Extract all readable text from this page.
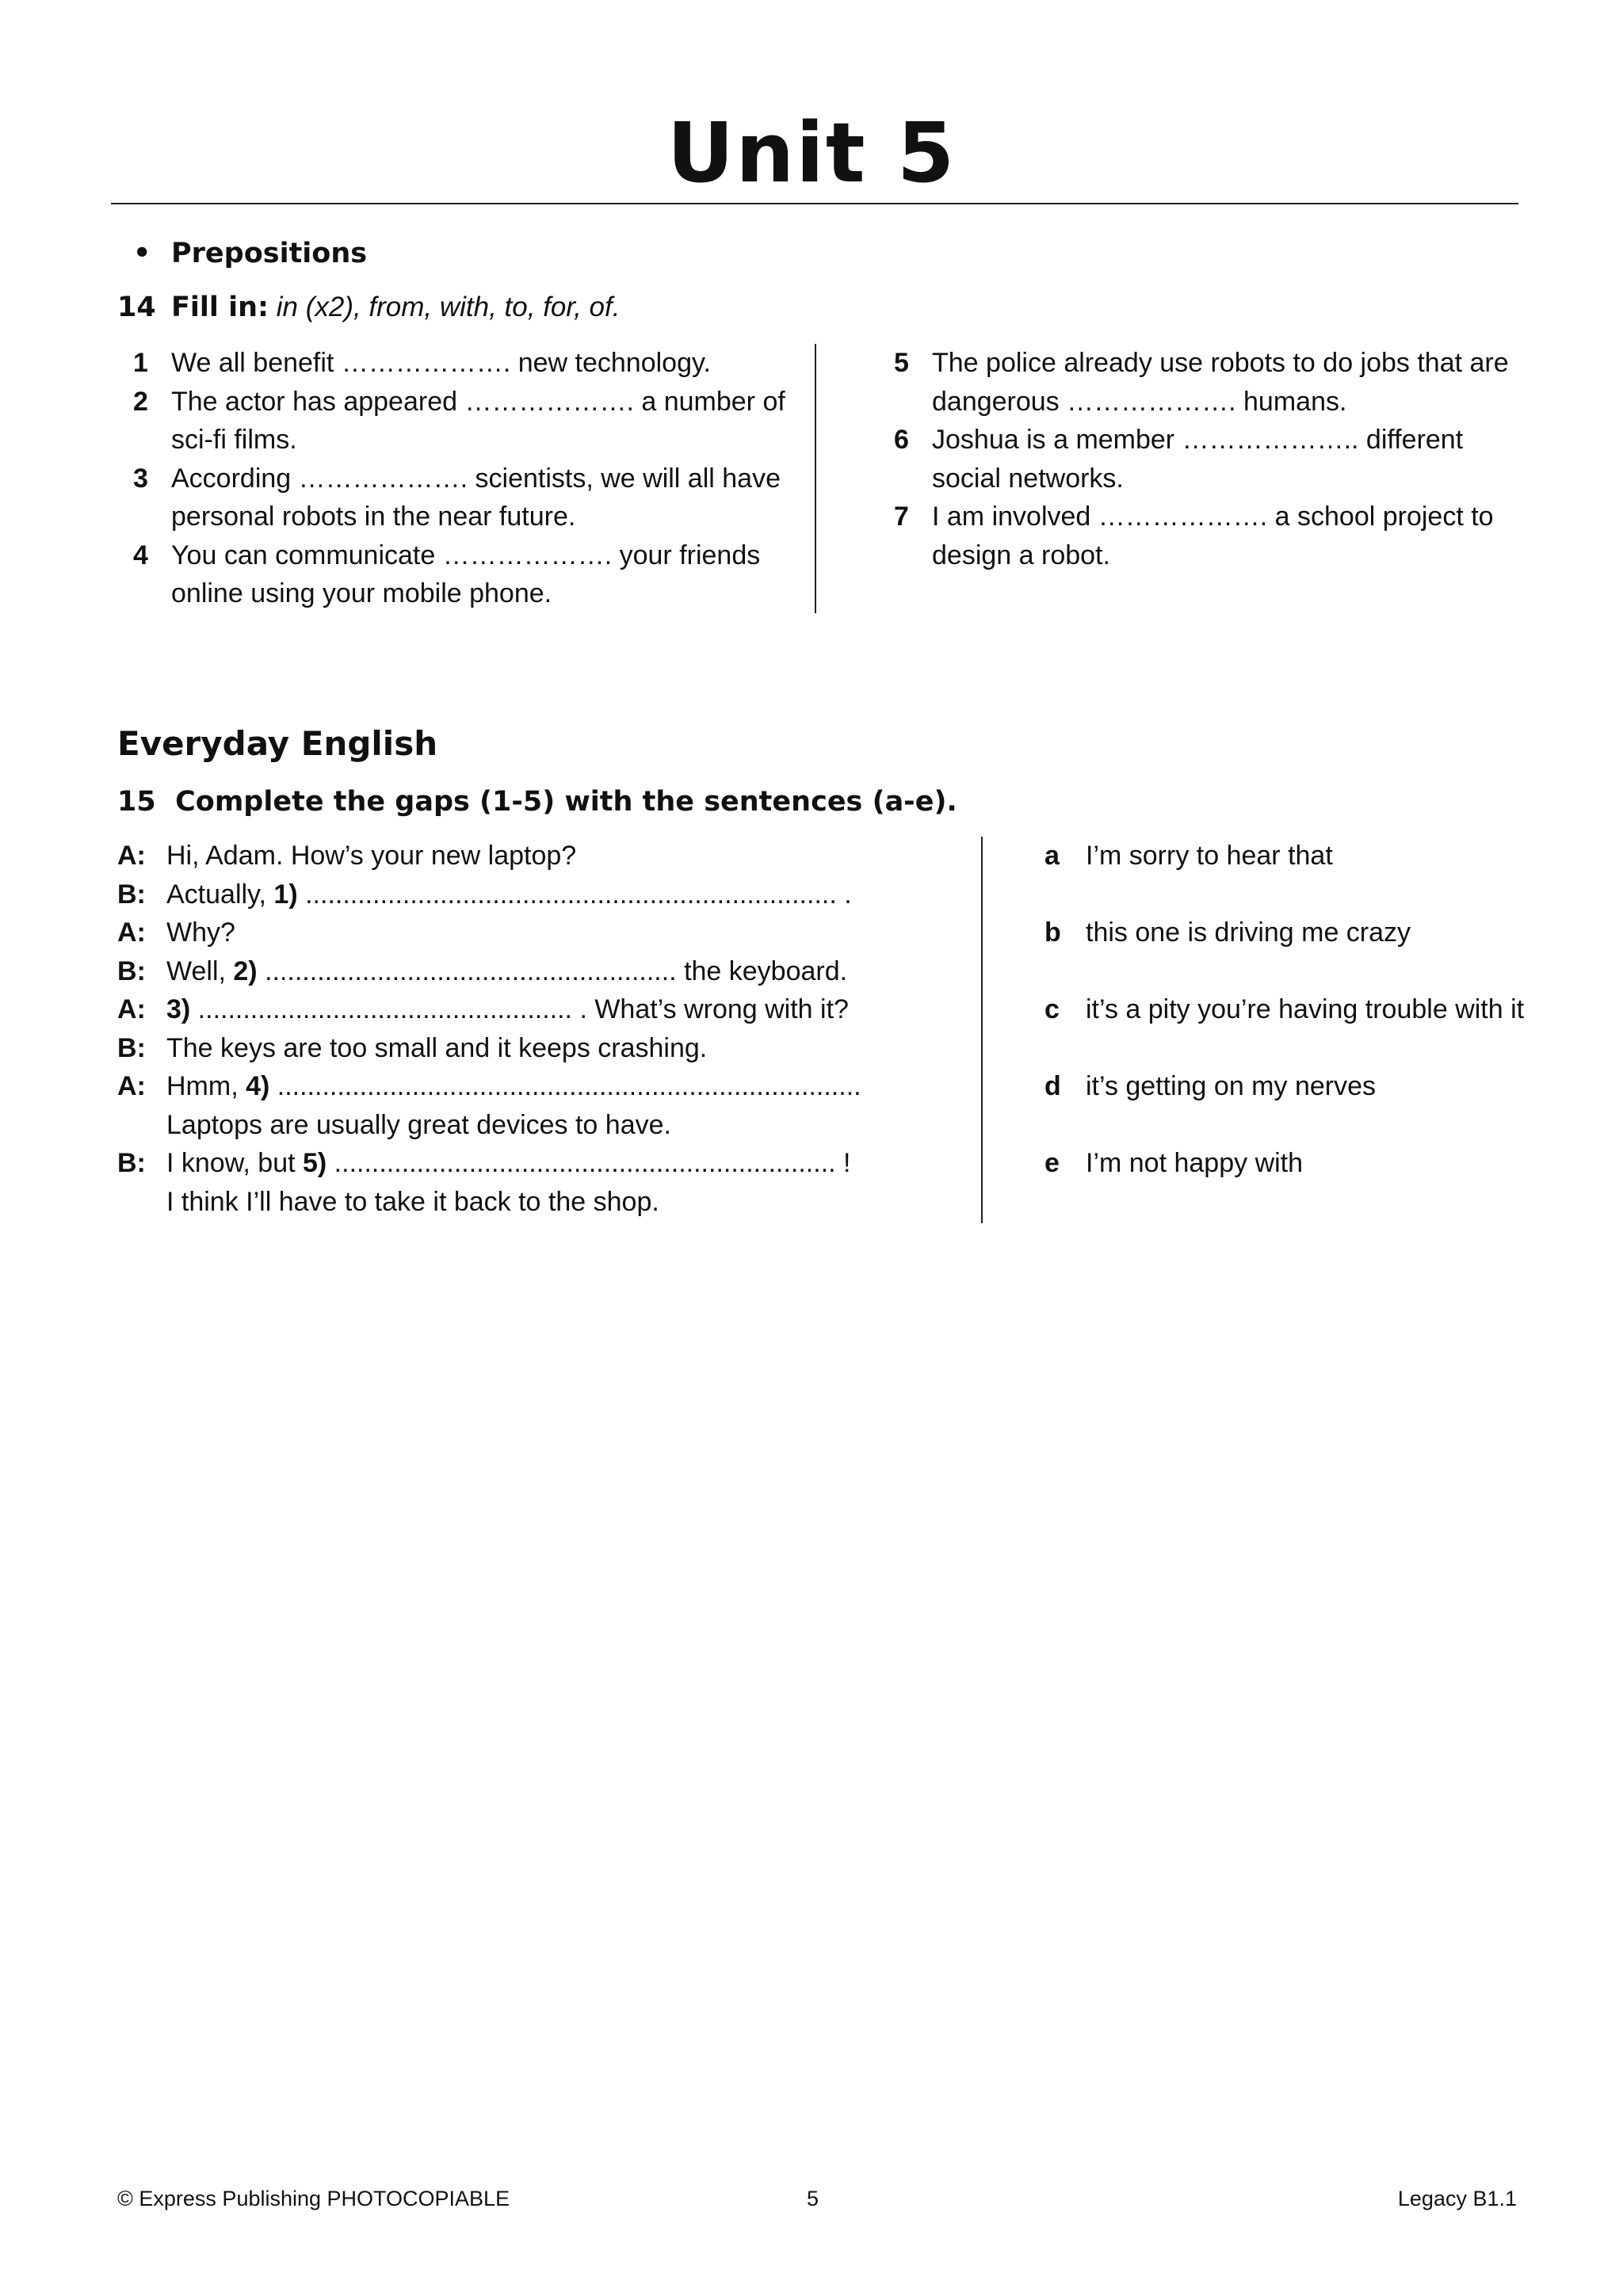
Unit 5
• Prepositions
14 Fill in: in (x2), from, with, to, for, of.
1 We all benefit ………………. new technology.
2 The actor has appeared ………………. a number of sci-fi films.
3 According ………………. scientists, we will all have personal robots in the near future.
4 You can communicate ………………. your friends online using your mobile phone.
5 The police already use robots to do jobs that are dangerous ………………. humans.
6 Joshua is a member ……………….. different social networks.
7 I am involved ………………. a school project to design a robot.
Everyday English
15 Complete the gaps (1-5) with the sentences (a-e).
A: Hi, Adam. How’s your new laptop?
B: Actually, 1) ....................................................................... .
A: Why?
B: Well, 2) ....................................................... the keyboard.
A: 3) .................................................. . What’s wrong with it?
B: The keys are too small and it keeps crashing.
A: Hmm, 4) ..............................................................................
Laptops are usually great devices to have.
B: I know, but 5) ................................................................... !
I think I’ll have to take it back to the shop.
a I’m sorry to hear that
b this one is driving me crazy
c it’s a pity you’re having trouble with it
d it’s getting on my nerves
e I’m not happy with
© Express Publishing PHOTOCOPIABLE	5	Legacy B1.1
